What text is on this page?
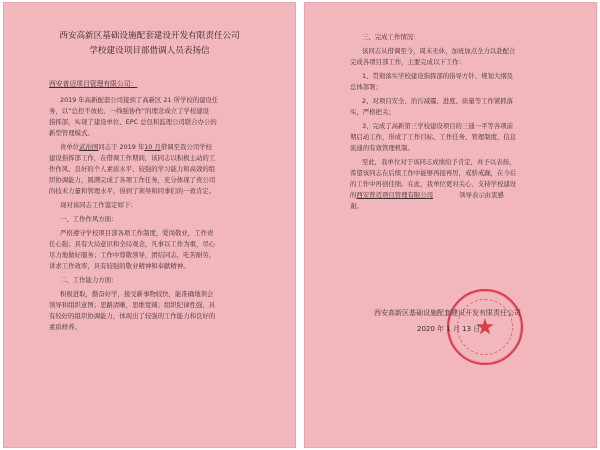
西安高新区基础设施配套建设开发有限责任公司
学校建设项目部借调人员表扬信
西安普迈项目管理有限公司：
2019 年高新配套公司接到了高新区 21 所学校的建设任
务，以“总控不放松、一线强协作”的理念成立了学校建设
指挥部，实现了建设单位、EPC 总包和监理公司联合办公的
新型管理模式。
贵单位武治国同志于 2019 年10 月借调至我公司学校
建设指挥部工作，在借调工作期间，该同志以积极主动的工
作作风、良好的个人素质水平、较强的学习能力和高效的组
织协调能力，圆满完成了各项工作任务，充分体现了贵公司
的技术力量和管理水平，得到了领导和同事们的一致肯定。
现对该同志工作鉴定如下：
一、工作作风方面：
严格遵守学校项目部各项工作制度，爱岗敬业，工作责
任心强；具有大局意识和全局观念，凡事以工作为重，尽心
尽力地做好服务；工作中尊敬领导，团结同志，吃苦耐劳，
讲求工作效率，具有较强的敬业精神和奉献精神。
二、工作能力方面：
积极进取，勤奋好学，接受新事物较快，能准确地领会
领导和组织意图；思路清晰，思维宽阔；组织纪律性强，具
有较好的组织协调能力，体现出了较强的工作能力和良好的
素质修养。
三、完成工作情况：
该同志从借调至今，周末无休，加班加点全力以赴配合
完成各项目部工作，主要完成以下工作：
1、贯彻落实学校建设指挥部的指导方针、规划大纲及
总体部署；
2、对项目安全、治污减霾、进度、质量等工作紧抓落
实，严格把关；
3、完成了高新第三学校建设项目的三通一平等各项前
期启动工作，形成了工作目标、工作任务、管理制度、信息
流通的有效管理机制。
至此，我单位对于该同志成绩给予肯定，并予以表扬，
希望该同志在后续工作中能够再接再厉，戒骄戒躁，在今后
的工作中再创佳绩。在此，我单位更对关心、支持学校建设
的西安普迈项目管理有限公司	领导表示由衷感
谢。
西安高新区基础设施配套建设开发有限责任公司
2020 年 1 月 13 日
